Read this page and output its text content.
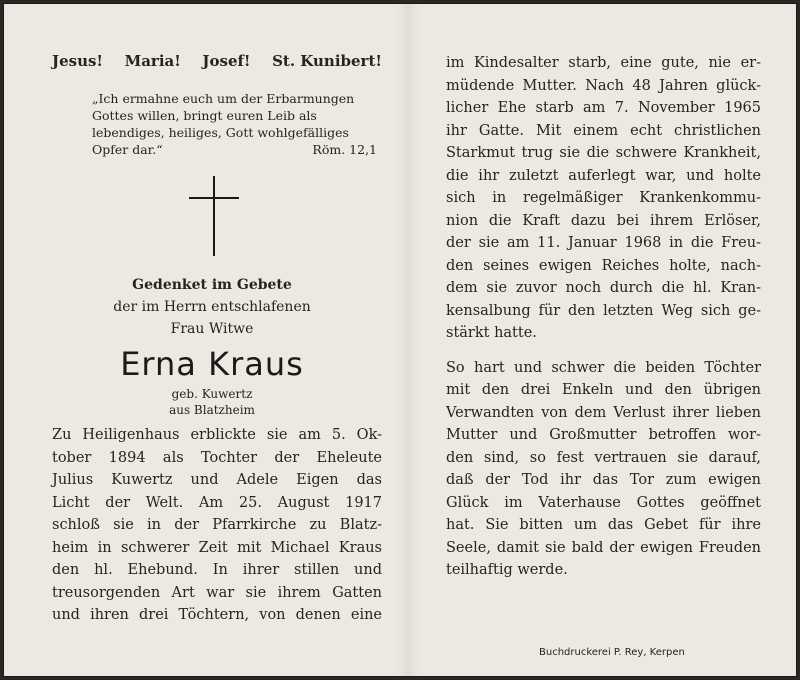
Jesus! Maria! Josef! St. Kunibert!
„Ich ermahne euch um der Erbarmungen
Gottes willen, bringt euren Leib als
lebendiges, heiliges, Gott wohlgefälliges
Opfer dar.“	Röm. 12,1
Gedenket im Gebete
der im Herrn entschlafenen
Frau Witwe
Erna Kraus
geb. Kuwertz
aus Blatzheim
Zu Heiligenhaus erblickte sie am 5. Ok-
tober 1894 als Tochter der Eheleute
Julius Kuwertz und Adele Eigen das
Licht der Welt. Am 25. August 1917
schloß sie in der Pfarrkirche zu Blatz-
heim in schwerer Zeit mit Michael Kraus
den hl. Ehebund. In ihrer stillen und
treusorgenden Art war sie ihrem Gatten
und ihren drei Töchtern, von denen eine
im Kindesalter starb, eine gute, nie er-
müdende Mutter. Nach 48 Jahren glück-
licher Ehe starb am 7. November 1965
ihr Gatte. Mit einem echt christlichen
Starkmut trug sie die schwere Krankheit,
die ihr zuletzt auferlegt war, und holte
sich in regelmäßiger Krankenkommu-
nion die Kraft dazu bei ihrem Erlöser,
der sie am 11. Januar 1968 in die Freu-
den seines ewigen Reiches holte, nach-
dem sie zuvor noch durch die hl. Kran-
kensalbung für den letzten Weg sich ge-
stärkt hatte.
So hart und schwer die beiden Töchter
mit den drei Enkeln und den übrigen
Verwandten von dem Verlust ihrer lieben
Mutter und Großmutter betroffen wor-
den sind, so fest vertrauen sie darauf,
daß der Tod ihr das Tor zum ewigen
Glück im Vaterhause Gottes geöffnet
hat. Sie bitten um das Gebet für ihre
Seele, damit sie bald der ewigen Freuden
teilhaftig werde.
Buchdruckerei P. Rey, Kerpen
